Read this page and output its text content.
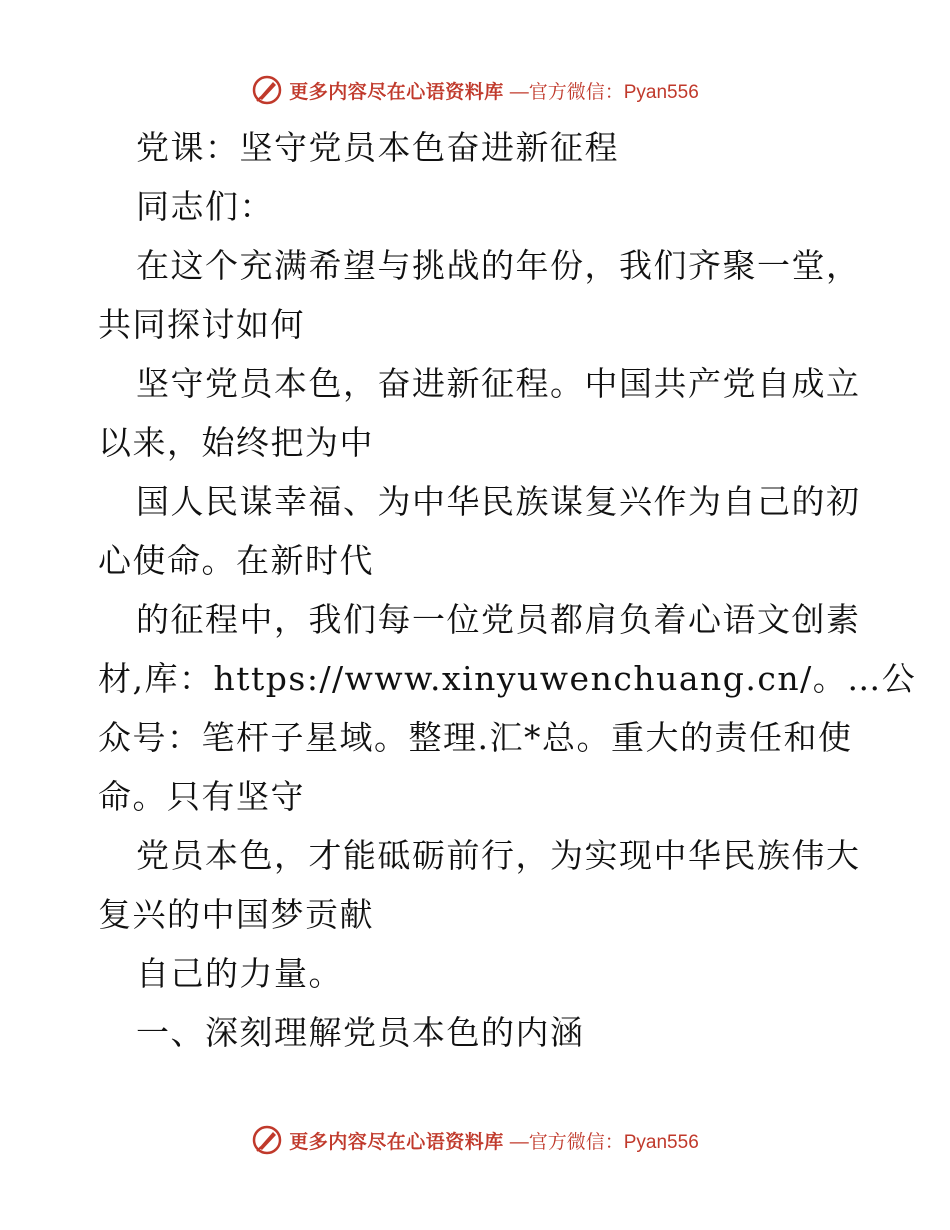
更多内容尽在心语资料库 —官方微信：Pyan556

党课：坚守党员本色奋进新征程

同志们：

在这个充满希望与挑战的年份，我们齐聚一堂，

共同探讨如何

坚守党员本色，奋进新征程。中国共产党自成立

以来，始终把为中

国人民谋幸福、为中华民族谋复兴作为自己的初

心使命。在新时代

的征程中，我们每一位党员都肩负着心语文创素

材,库：https://www.xinyuwenchuang.cn/。…公

众号：笔杆子星域。整理.汇*总。重大的责任和使

命。只有坚守

党员本色，才能砥砺前行，为实现中华民族伟大

复兴的中国梦贡献

自己的力量。

一、深刻理解党员本色的内涵

更多内容尽在心语资料库 —官方微信：Pyan556
